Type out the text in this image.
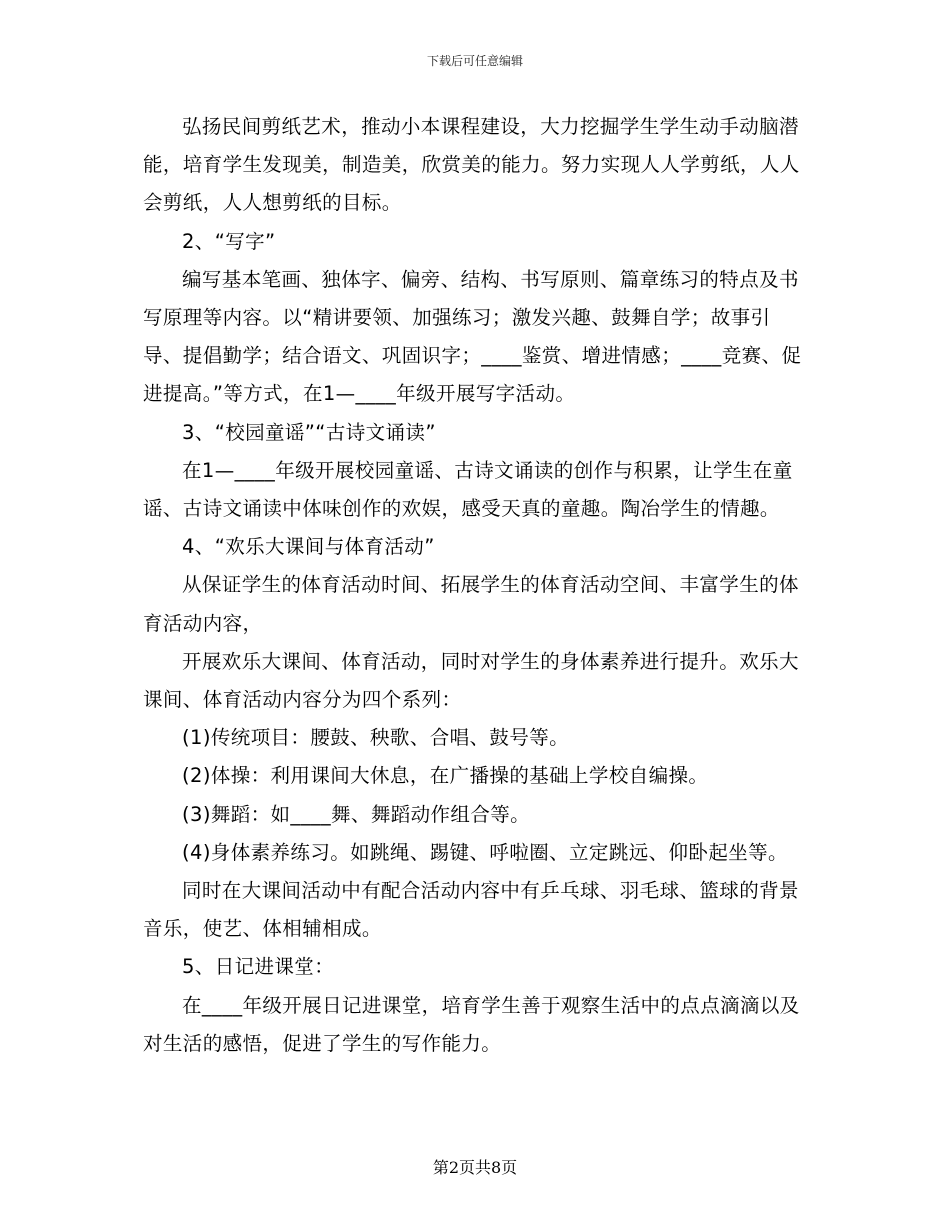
下载后可任意编辑

弘扬民间剪纸艺术，推动小本课程建设，大力挖掘学生学生动手动脑潜能，培育学生发现美，制造美，欣赏美的能力。努力实现人人学剪纸，人人会剪纸，人人想剪纸的目标。

2、“写字”

编写基本笔画、独体字、偏旁、结构、书写原则、篇章练习的特点及书写原理等内容。以“精讲要领、加强练习；激发兴趣、鼓舞自学；故事引导、提倡勤学；结合语文、巩固识字；____鉴赏、增进情感；____竞赛、促进提高。”等方式，在1—____年级开展写字活动。

3、“校园童谣”“古诗文诵读”

在1—____年级开展校园童谣、古诗文诵读的创作与积累，让学生在童谣、古诗文诵读中体味创作的欢娱，感受天真的童趣。陶冶学生的情趣。

4、“欢乐大课间与体育活动”

从保证学生的体育活动时间、拓展学生的体育活动空间、丰富学生的体育活动内容，

开展欢乐大课间、体育活动，同时对学生的身体素养进行提升。欢乐大课间、体育活动内容分为四个系列：

(1)传统项目：腰鼓、秧歌、合唱、鼓号等。

(2)体操：利用课间大休息，在广播操的基础上学校自编操。

(3)舞蹈：如____舞、舞蹈动作组合等。

(4)身体素养练习。如跳绳、踢键、呼啦圈、立定跳远、仰卧起坐等。

同时在大课间活动中有配合活动内容中有乒乓球、羽毛球、篮球的背景音乐，使艺、体相辅相成。

5、日记进课堂：

在____年级开展日记进课堂，培育学生善于观察生活中的点点滴滴以及对生活的感悟，促进了学生的写作能力。

第2页共8页
